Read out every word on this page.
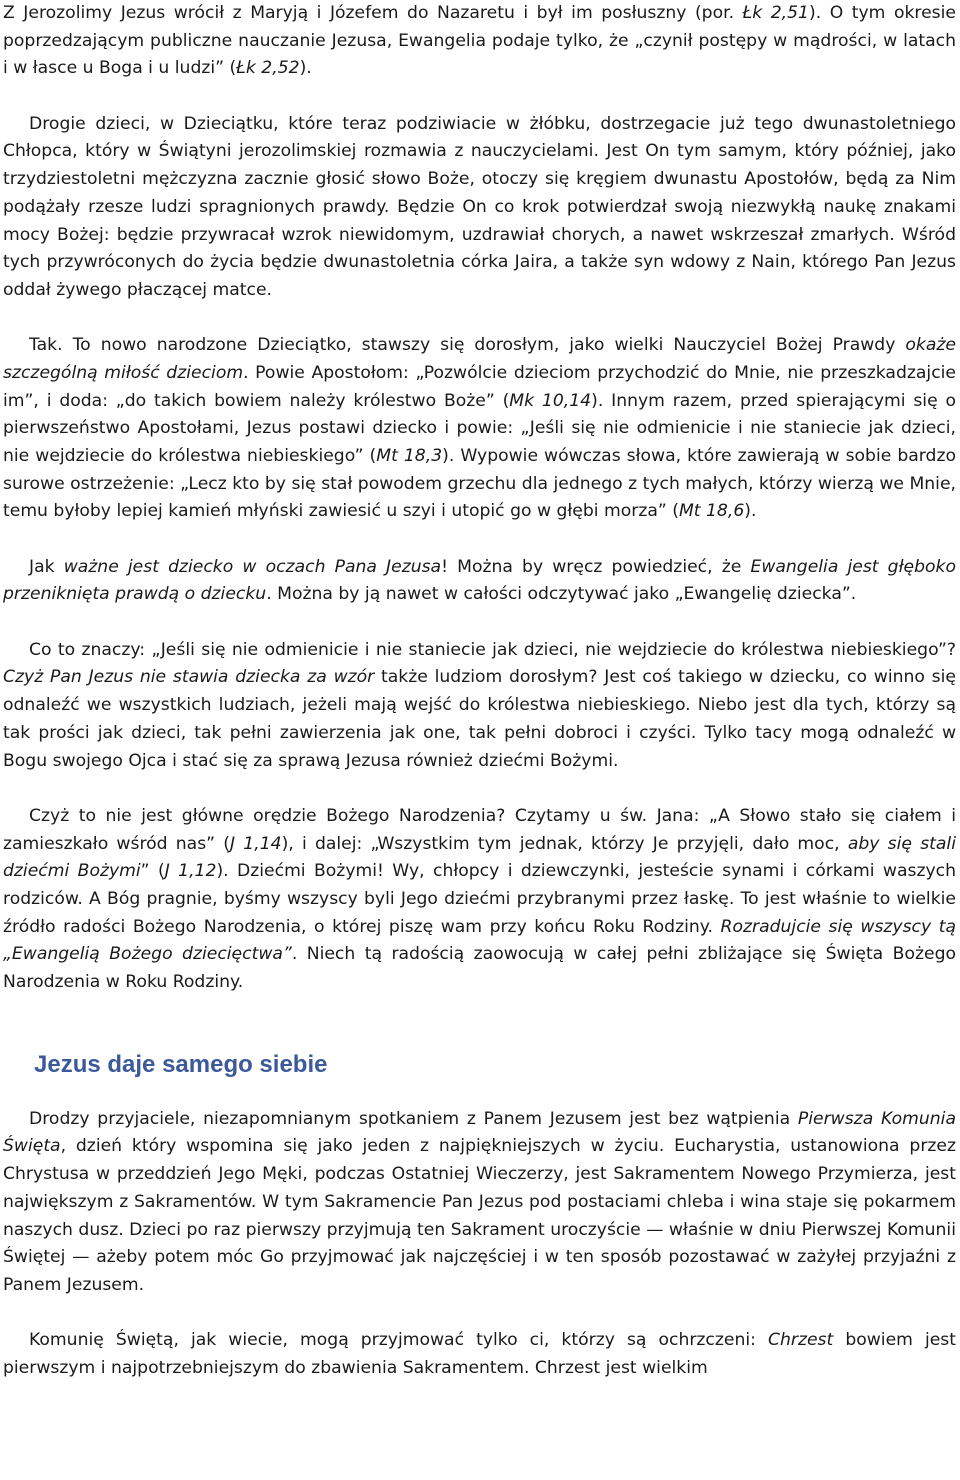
Z Jerozolimy Jezus wrócił z Maryją i Józefem do Nazaretu i był im posłuszny (por. Łk 2,51). O tym okresie poprzedzającym publiczne nauczanie Jezusa, Ewangelia podaje tylko, że „czynił postępy w mądrości, w latach i w łasce u Boga i u ludzi” (Łk 2,52).

Drogie dzieci, w Dzieciątku, które teraz podziwiacie w żłóbku, dostrzegacie już tego dwunastoletniego Chłopca, który w Świątyni jerozolimskiej rozmawia z nauczycielami. Jest On tym samym, który później, jako trzydziestoletni mężczyzna zacznie głosić słowo Boże, otoczy się kręgiem dwunastu Apostołów, będą za Nim podążały rzesze ludzi spragnionych prawdy. Będzie On co krok potwierdzał swoją niezwykłą naukę znakami mocy Bożej: będzie przywracał wzrok niewidomym, uzdrawiał chorych, a nawet wskrzeszał zmarłych. Wśród tych przywróconych do życia będzie dwunastoletnia córka Jaira, a także syn wdowy z Nain, którego Pan Jezus oddał żywego płaczącej matce.

Tak. To nowo narodzone Dzieciątko, stawszy się dorosłym, jako wielki Nauczyciel Bożej Prawdy okaże szczególną miłość dzieciom. Powie Apostołom: „Pozwólcie dzieciom przychodzić do Mnie, nie przeszkadzajcie im”, i doda: „do takich bowiem należy królestwo Boże” (Mk 10,14). Innym razem, przed spierającymi się o pierwszeństwo Apostołami, Jezus postawi dziecko i powie: „Jeśli się nie odmienicie i nie staniecie jak dzieci, nie wejdziecie do królestwa niebieskiego” (Mt 18,3). Wypowie wówczas słowa, które zawierają w sobie bardzo surowe ostrzeżenie: „Lecz kto by się stał powodem grzechu dla jednego z tych małych, którzy wierzą we Mnie, temu byłoby lepiej kamień młyński zawiesić u szyi i utopić go w głębi morza” (Mt 18,6).

Jak ważne jest dziecko w oczach Pana Jezusa! Można by wręcz powiedzieć, że Ewangelia jest głęboko przeniknięta prawdą o dziecku. Można by ją nawet w całości odczytywać jako „Ewangelię dziecka”.

Co to znaczy: „Jeśli się nie odmienicie i nie staniecie jak dzieci, nie wejdziecie do królestwa niebieskiego”? Czyż Pan Jezus nie stawia dziecka za wzór także ludziom dorosłym? Jest coś takiego w dziecku, co winno się odnaleźć we wszystkich ludziach, jeżeli mają wejść do królestwa niebieskiego. Niebo jest dla tych, którzy są tak prości jak dzieci, tak pełni zawierzenia jak one, tak pełni dobroci i czyści. Tylko tacy mogą odnaleźć w Bogu swojego Ojca i stać się za sprawą Jezusa również dziećmi Bożymi.

Czyż to nie jest główne orędzie Bożego Narodzenia? Czytamy u św. Jana: „A Słowo stało się ciałem i zamieszkało wśród nas” (J 1,14), i dalej: „Wszystkim tym jednak, którzy Je przyjęli, dało moc, aby się stali dziećmi Bożymi” (J 1,12). Dziećmi Bożymi! Wy, chłopcy i dziewczynki, jesteście synami i córkami waszych rodziców. A Bóg pragnie, byśmy wszyscy byli Jego dziećmi przybranymi przez łaskę. To jest właśnie to wielkie źródło radości Bożego Narodzenia, o której piszę wam przy końcu Roku Rodziny. Rozradujcie się wszyscy tą „Ewangelią Bożego dziecięctwa”. Niech tą radością zaowocują w całej pełni zbliżające się Święta Bożego Narodzenia w Roku Rodziny.

Jezus daje samego siebie

Drodzy przyjaciele, niezapomnianym spotkaniem z Panem Jezusem jest bez wątpienia Pierwsza Komunia Święta, dzień który wspomina się jako jeden z najpiękniejszych w życiu. Eucharystia, ustanowiona przez Chrystusa w przeddzień Jego Męki, podczas Ostatniej Wieczerzy, jest Sakramentem Nowego Przymierza, jest największym z Sakramentów. W tym Sakramencie Pan Jezus pod postaciami chleba i wina staje się pokarmem naszych dusz. Dzieci po raz pierwszy przyjmują ten Sakrament uroczyście — właśnie w dniu Pierwszej Komunii Świętej — ażeby potem móc Go przyjmować jak najczęściej i w ten sposób pozostawać w zażyłej przyjaźni z Panem Jezusem.

Komunię Świętą, jak wiecie, mogą przyjmować tylko ci, którzy są ochrzczeni: Chrzest bowiem jest pierwszym i najpotrzebniejszym do zbawienia Sakramentem. Chrzest jest wielkim
